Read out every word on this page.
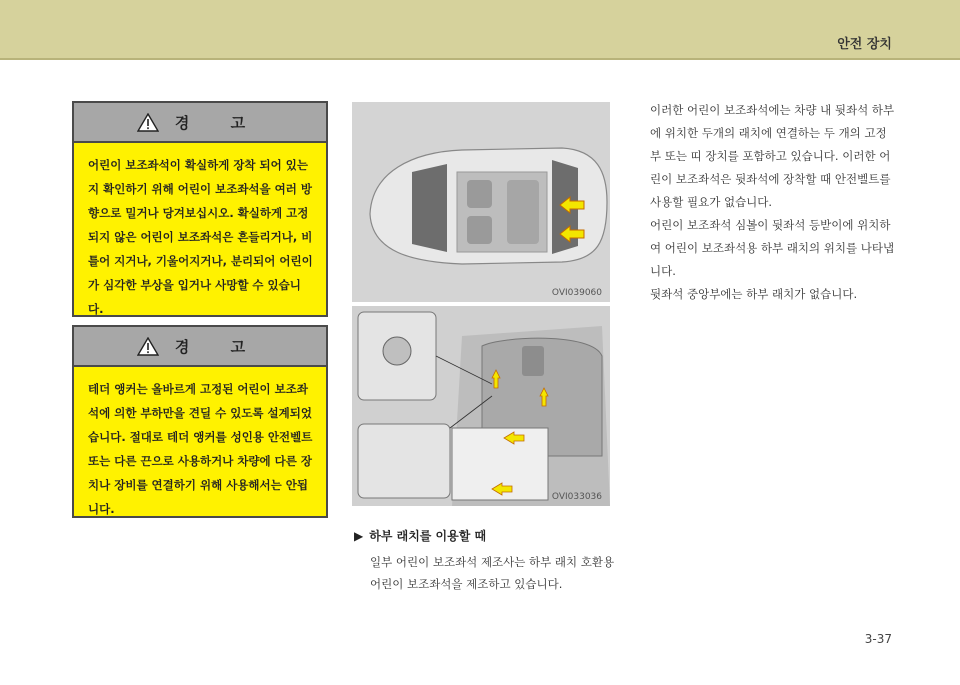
안전 장치
경 고
어린이 보조좌석이 확실하게 장착 되어 있는지 확인하기 위해 어린이 보조좌석을 여러 방향으로 밀거나 당겨보십시오. 확실하게 고정되지 않은 어린이 보조좌석은 흔들리거나, 비틀어 지거나, 기울어지거나, 분리되어 어린이가 심각한 부상을 입거나 사망할 수 있습니다.
경 고
테더 앵커는 올바르게 고정된 어린이 보조좌석에 의한 부하만을 견딜 수 있도록 설계되었습니다. 절대로 테더 앵커를 성인용 안전벨트 또는 다른 끈으로 사용하거나 차량에 다른 장치나 장비를 연결하기 위해 사용해서는 안됩니다.
OVI039060
OVI033036

이러한 어린이 보조좌석에는 차량 내 뒷좌석 하부에 위치한 두개의 래치에 연결하는 두 개의 고정 부 또는 띠 장치를 포함하고 있습니다. 이러한 어린이 보조좌석은 뒷좌석에 장착할 때 안전벨트를 사용할 필요가 없습니다.

어린이 보조좌석 심볼이 뒷좌석 등받이에 위치하여 어린이 보조좌석용 하부 래치의 위치를 나타냅니다.

뒷좌석 중앙부에는 하부 래치가 없습니다.

▶ 하부 래치를 이용할 때
일부 어린이 보조좌석 제조사는 하부 래치 호환용 어린이 보조좌석을 제조하고 있습니다.
3-37
